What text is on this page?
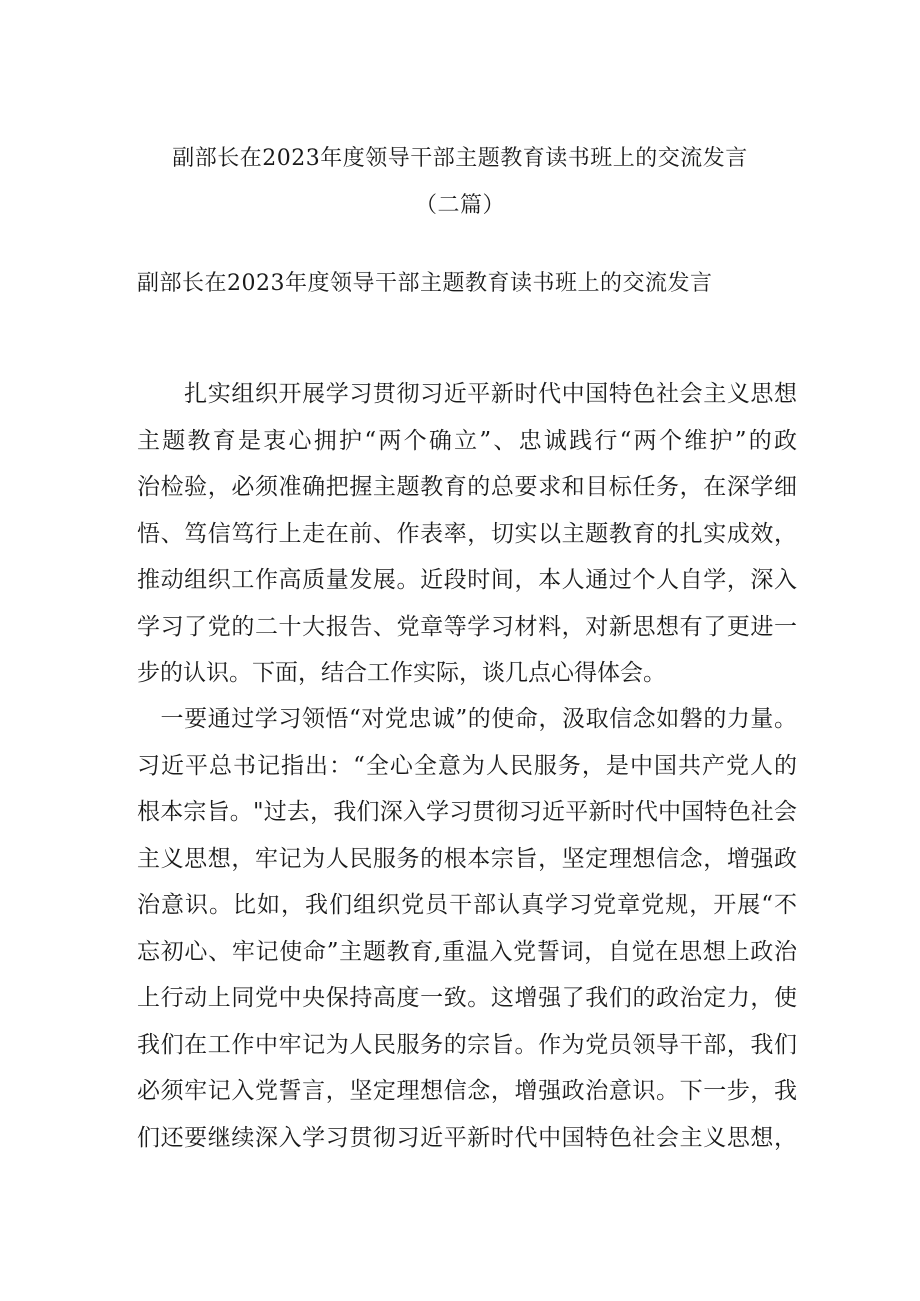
副部长在2023年度领导干部主题教育读书班上的交流发言
（二篇）
副部长在2023年度领导干部主题教育读书班上的交流发言
　　扎实组织开展学习贯彻习近平新时代中国特色社会主义思想
主题教育是衷心拥护“两个确立”、忠诚践行“两个维护”的政
治检验，必须准确把握主题教育的总要求和目标任务，在深学细
悟、笃信笃行上走在前、作表率，切实以主题教育的扎实成效，
推动组织工作高质量发展。近段时间，本人通过个人自学，深入
学习了党的二十大报告、党章等学习材料，对新思想有了更进一
步的认识。下面，结合工作实际，谈几点心得体会。
　一要通过学习领悟“对党忠诚”的使命，汲取信念如磐的力量。
习近平总书记指出：“全心全意为人民服务，是中国共产党人的
根本宗旨。"过去，我们深入学习贯彻习近平新时代中国特色社会
主义思想，牢记为人民服务的根本宗旨，坚定理想信念，增强政
治意识。比如，我们组织党员干部认真学习党章党规，开展“不
忘初心、牢记使命”主题教育,重温入党誓词，自觉在思想上政治
上行动上同党中央保持高度一致。这增强了我们的政治定力，使
我们在工作中牢记为人民服务的宗旨。作为党员领导干部，我们
必须牢记入党誓言，坚定理想信念，增强政治意识。下一步，我
们还要继续深入学习贯彻习近平新时代中国特色社会主义思想，
